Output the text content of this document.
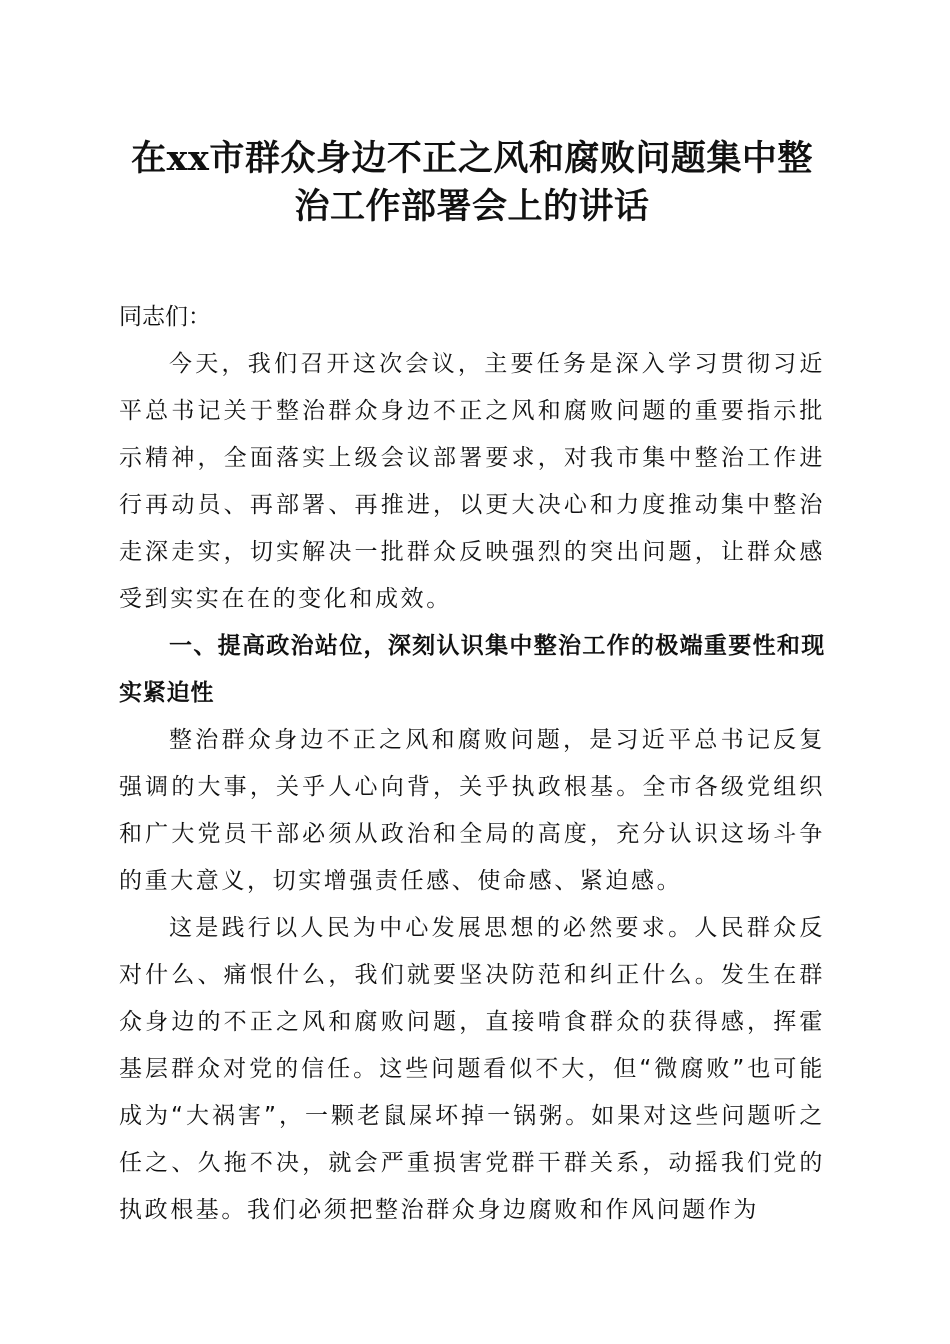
在xx市群众身边不正之风和腐败问题集中整治工作部署会上的讲话

同志们：

今天，我们召开这次会议，主要任务是深入学习贯彻习近平总书记关于整治群众身边不正之风和腐败问题的重要指示批示精神，全面落实上级会议部署要求，对我市集中整治工作进行再动员、再部署、再推进，以更大决心和力度推动集中整治走深走实，切实解决一批群众反映强烈的突出问题，让群众感受到实实在在的变化和成效。

一、提高政治站位，深刻认识集中整治工作的极端重要性和现实紧迫性

整治群众身边不正之风和腐败问题，是习近平总书记反复强调的大事，关乎人心向背，关乎执政根基。全市各级党组织和广大党员干部必须从政治和全局的高度，充分认识这场斗争的重大意义，切实增强责任感、使命感、紧迫感。

这是践行以人民为中心发展思想的必然要求。人民群众反对什么、痛恨什么，我们就要坚决防范和纠正什么。发生在群众身边的不正之风和腐败问题，直接啃食群众的获得感，挥霍基层群众对党的信任。这些问题看似不大，但“微腐败”也可能成为“大祸害”，一颗老鼠屎坏掉一锅粥。如果对这些问题听之任之、久拖不决，就会严重损害党群干群关系，动摇我们党的执政根基。我们必须把整治群众身边腐败和作风问题作为
